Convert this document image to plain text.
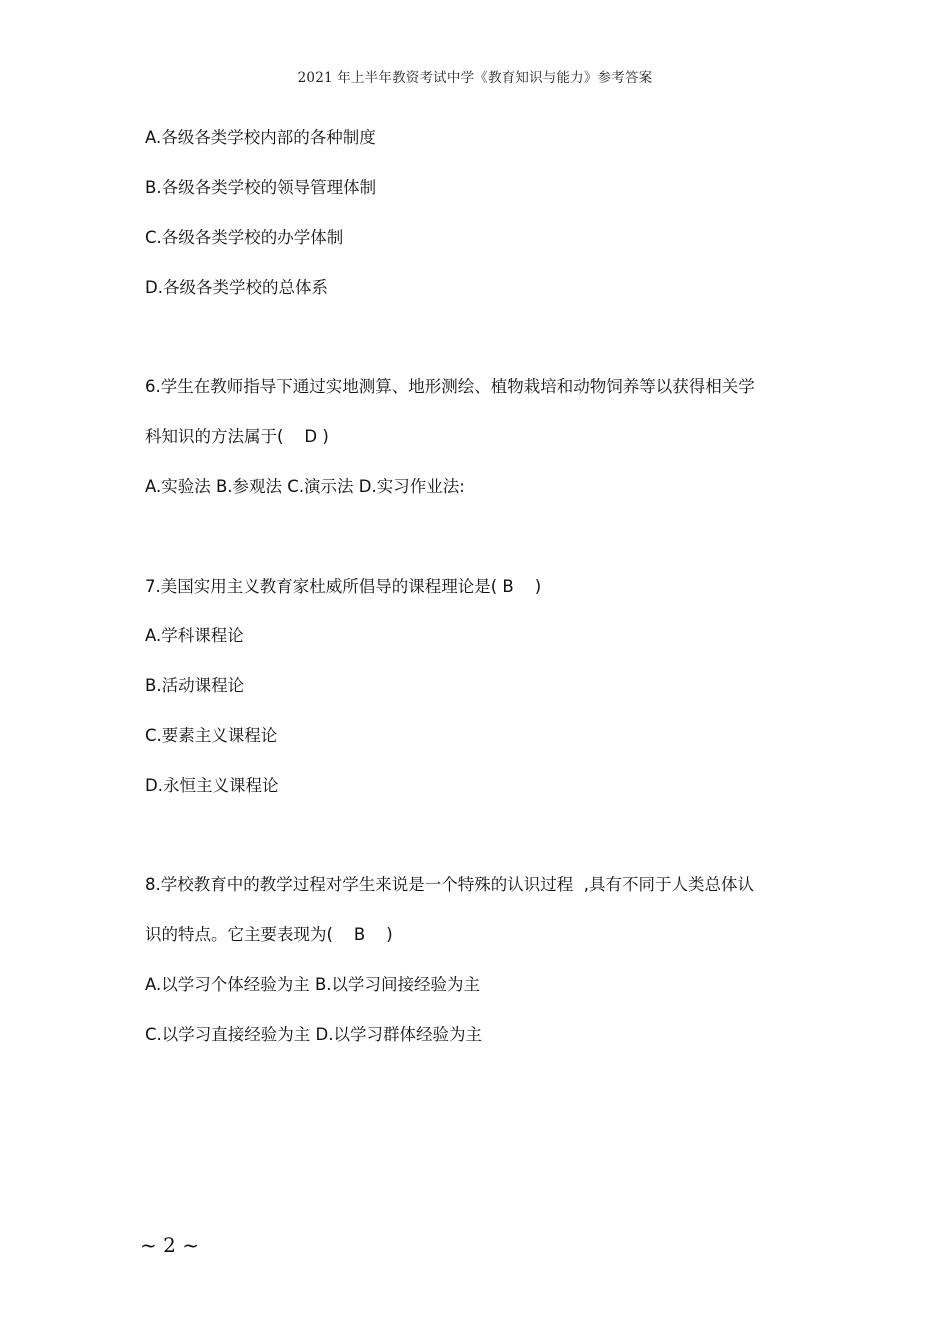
2021 年上半年教资考试中学《教育知识与能力》参考答案
A.各级各类学校内部的各种制度
B.各级各类学校的领导管理体制
C.各级各类学校的办学体制
D.各级各类学校的总体系
6.学生在教师指导下通过实地测算、地形测绘、植物栽培和动物饲养等以获得相关学
科知识的方法属于(    D )
A.实验法 B.参观法 C.演示法 D.实习作业法:
7.美国实用主义教育家杜威所倡导的课程理论是( B    )
A.学科课程论
B.活动课程论
C.要素主义课程论
D.永恒主义课程论
8.学校教育中的教学过程对学生来说是一个特殊的认识过程  ,具有不同于人类总体认
识的特点。它主要表现为(    B    )
A.以学习个体经验为主 B.以学习间接经验为主
C.以学习直接经验为主 D.以学习群体经验为主
~ 2 ~
